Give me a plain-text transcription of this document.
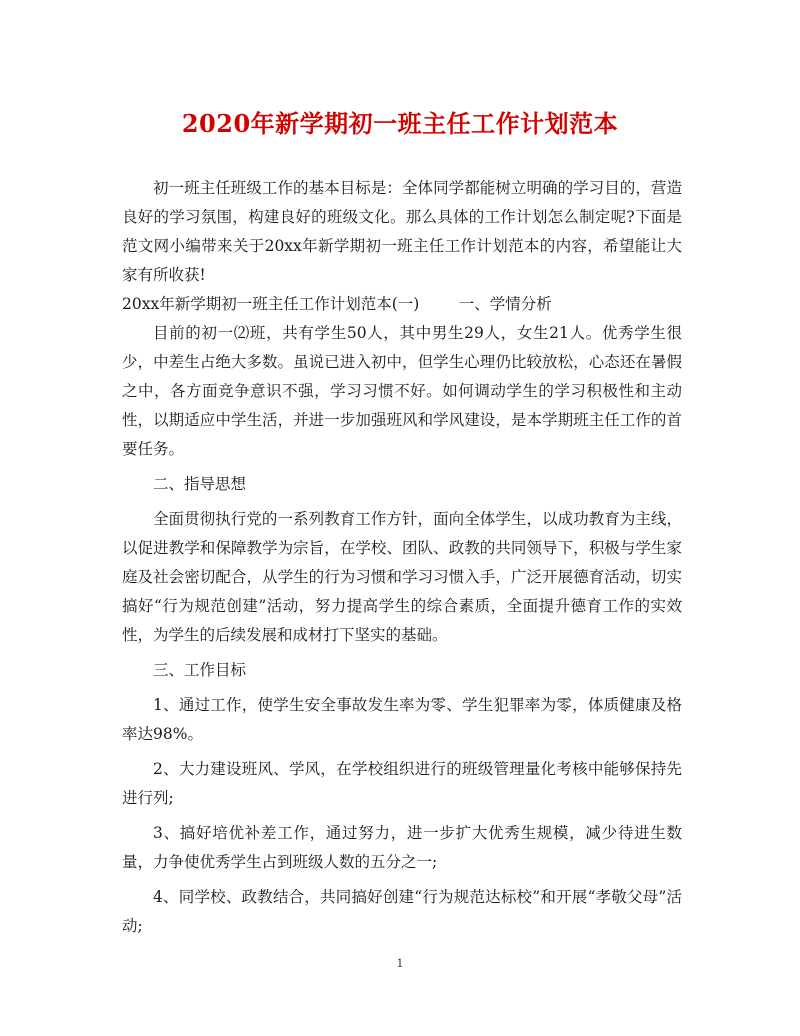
2020年新学期初一班主任工作计划范本

初一班主任班级工作的基本目标是：全体同学都能树立明确的学习目的，营造良好的学习氛围，构建良好的班级文化。那么具体的工作计划怎么制定呢?下面是范文网小编带来关于20xx年新学期初一班主任工作计划范本的内容，希望能让大家有所收获!

20xx年新学期初一班主任工作计划范本(一)	一、学情分析

目前的初一⑵班，共有学生50人，其中男生29人，女生21人。优秀学生很少，中差生占绝大多数。虽说已进入初中，但学生心理仍比较放松，心态还在暑假之中，各方面竞争意识不强，学习习惯不好。如何调动学生的学习积极性和主动性，以期适应中学生活，并进一步加强班风和学风建设，是本学期班主任工作的首要任务。

二、指导思想

全面贯彻执行党的一系列教育工作方针，面向全体学生，以成功教育为主线，以促进教学和保障教学为宗旨，在学校、团队、政教的共同领导下，积极与学生家庭及社会密切配合，从学生的行为习惯和学习习惯入手，广泛开展德育活动，切实搞好“行为规范创建”活动，努力提高学生的综合素质，全面提升德育工作的实效性，为学生的后续发展和成材打下坚实的基础。

三、工作目标

1、通过工作，使学生安全事故发生率为零、学生犯罪率为零，体质健康及格率达98%。

2、大力建设班风、学风，在学校组织进行的班级管理量化考核中能够保持先进行列;

3、搞好培优补差工作，通过努力，进一步扩大优秀生规模，减少待进生数量，力争使优秀学生占到班级人数的五分之一;

4、同学校、政教结合，共同搞好创建“行为规范达标校”和开展“孝敬父母”活动;

1
